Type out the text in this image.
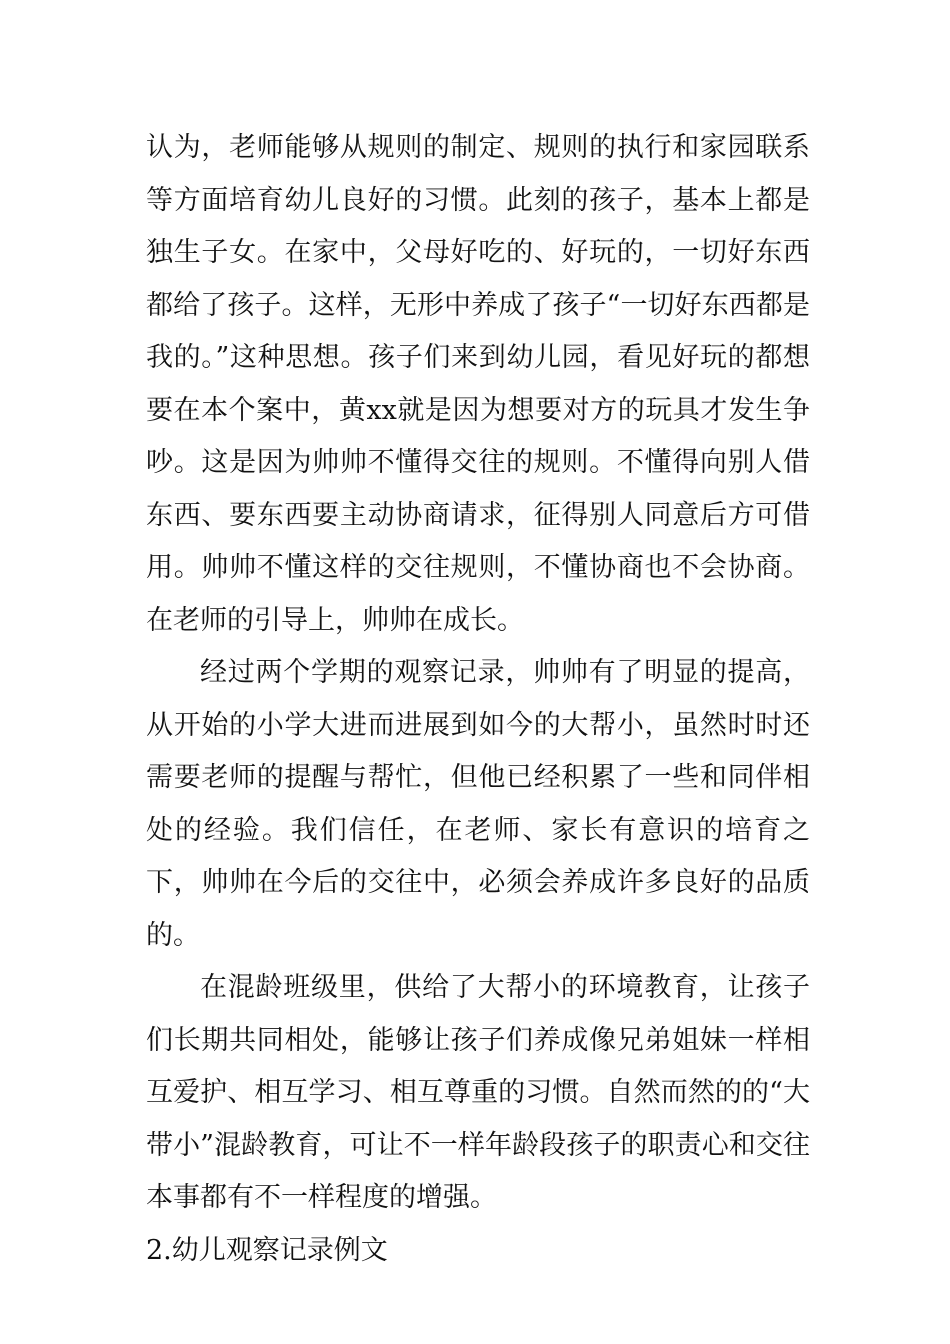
认为，老师能够从规则的制定、规则的执行和家园联系等方面培育幼儿良好的习惯。此刻的孩子，基本上都是独生子女。在家中，父母好吃的、好玩的，一切好东西都给了孩子。这样，无形中养成了孩子“一切好东西都是我的。”这种思想。孩子们来到幼儿园，看见好玩的都想要在本个案中，黄xx就是因为想要对方的玩具才发生争吵。这是因为帅帅不懂得交往的规则。不懂得向别人借东西、要东西要主动协商请求，征得别人同意后方可借用。帅帅不懂这样的交往规则，不懂协商也不会协商。在老师的引导上，帅帅在成长。

经过两个学期的观察记录，帅帅有了明显的提高，从开始的小学大进而进展到如今的大帮小，虽然时时还需要老师的提醒与帮忙，但他已经积累了一些和同伴相处的经验。我们信任，在老师、家长有意识的培育之下，帅帅在今后的交往中，必须会养成许多良好的品质的。

在混龄班级里，供给了大帮小的环境教育，让孩子们长期共同相处，能够让孩子们养成像兄弟姐妹一样相互爱护、相互学习、相互尊重的习惯。自然而然的的“大带小”混龄教育，可让不一样年龄段孩子的职责心和交往本事都有不一样程度的增强。

2.幼儿观察记录例文
